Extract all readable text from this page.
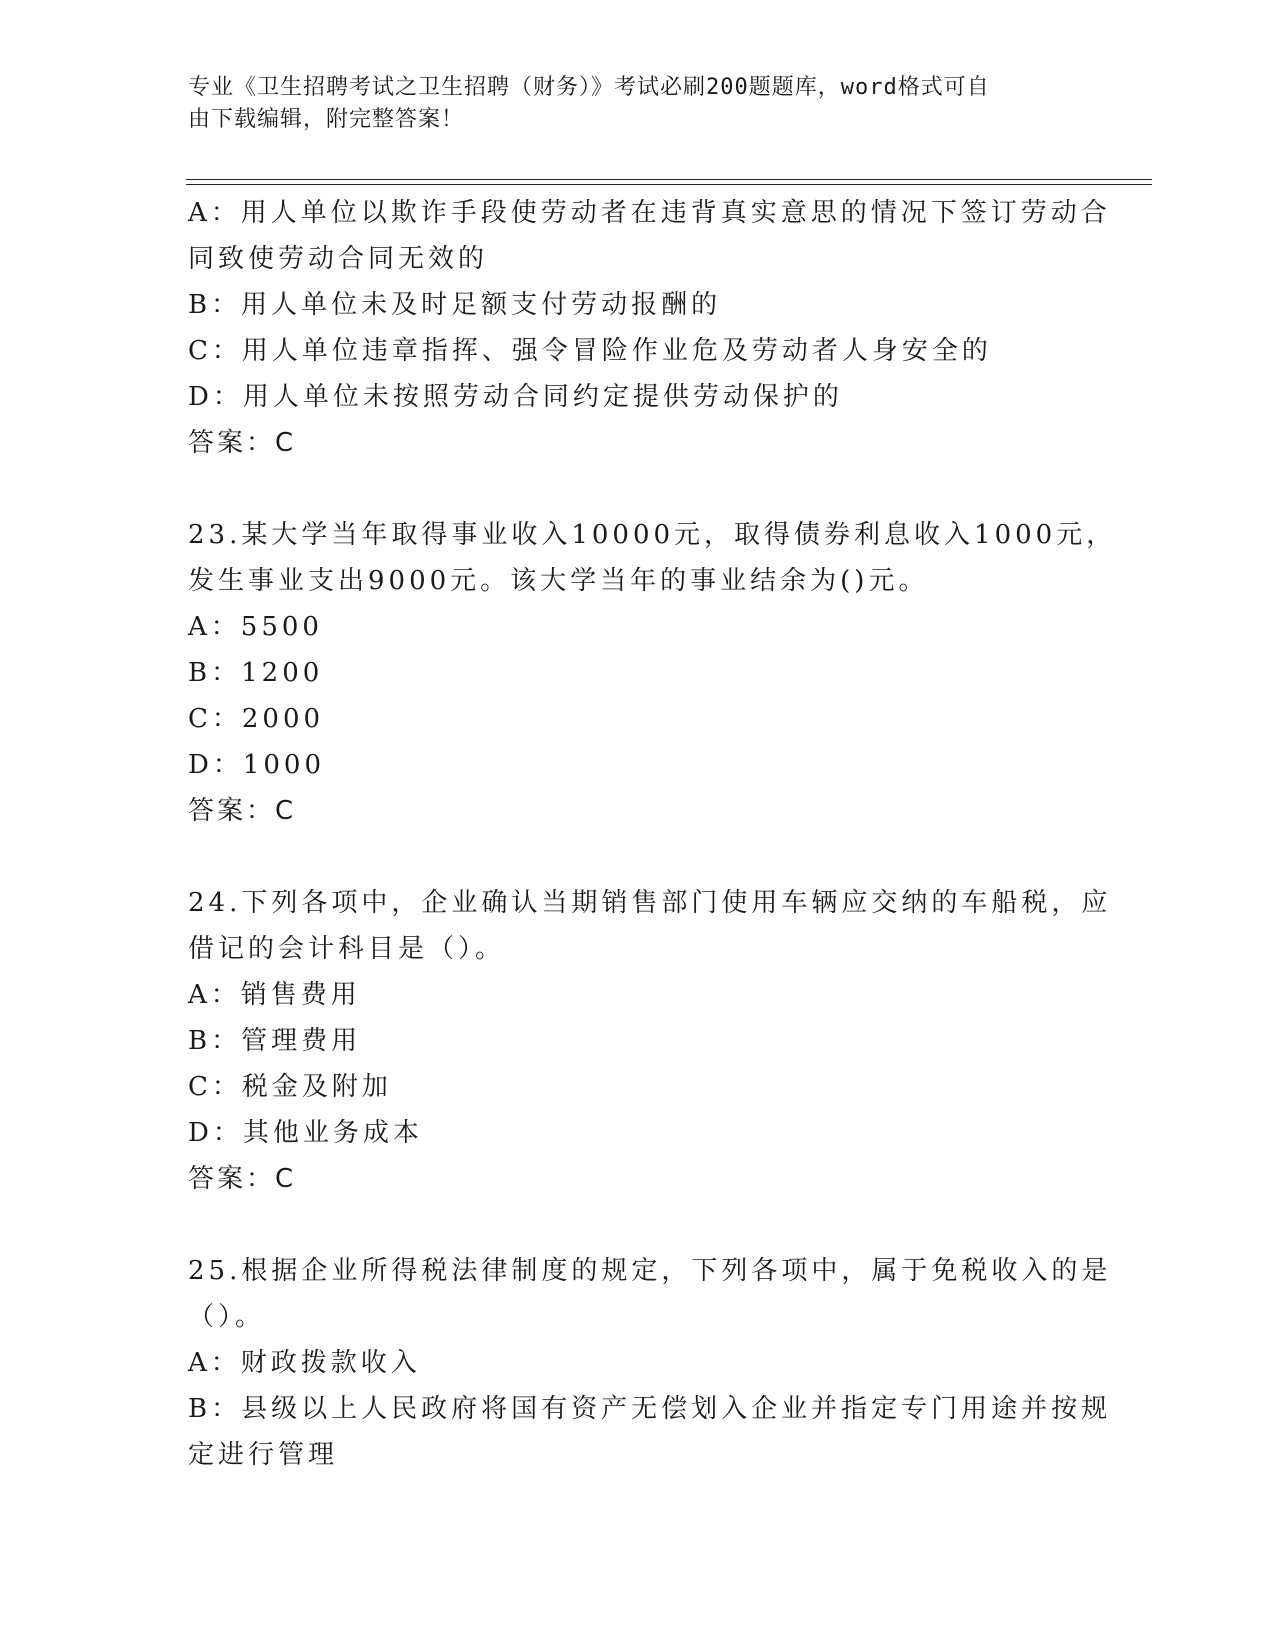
专业《卫生招聘考试之卫生招聘（财务）》考试必刷200题题库，word格式可自
由下载编辑，附完整答案！
A：用人单位以欺诈手段使劳动者在违背真实意思的情况下签订劳动合
同致使劳动合同无效的
B：用人单位未及时足额支付劳动报酬的
C：用人单位违章指挥、强令冒险作业危及劳动者人身安全的
D：用人单位未按照劳动合同约定提供劳动保护的
答案：C
23.某大学当年取得事业收入10000元，取得债券利息收入1000元，
发生事业支出9000元。该大学当年的事业结余为()元。
A：5500
B：1200
C：2000
D：1000
答案：C
24.下列各项中，企业确认当期销售部门使用车辆应交纳的车船税，应
借记的会计科目是（）。
A：销售费用
B：管理费用
C：税金及附加
D：其他业务成本
答案：C
25.根据企业所得税法律制度的规定，下列各项中，属于免税收入的是
（）。
A：财政拨款收入
B：县级以上人民政府将国有资产无偿划入企业并指定专门用途并按规
定进行管理
